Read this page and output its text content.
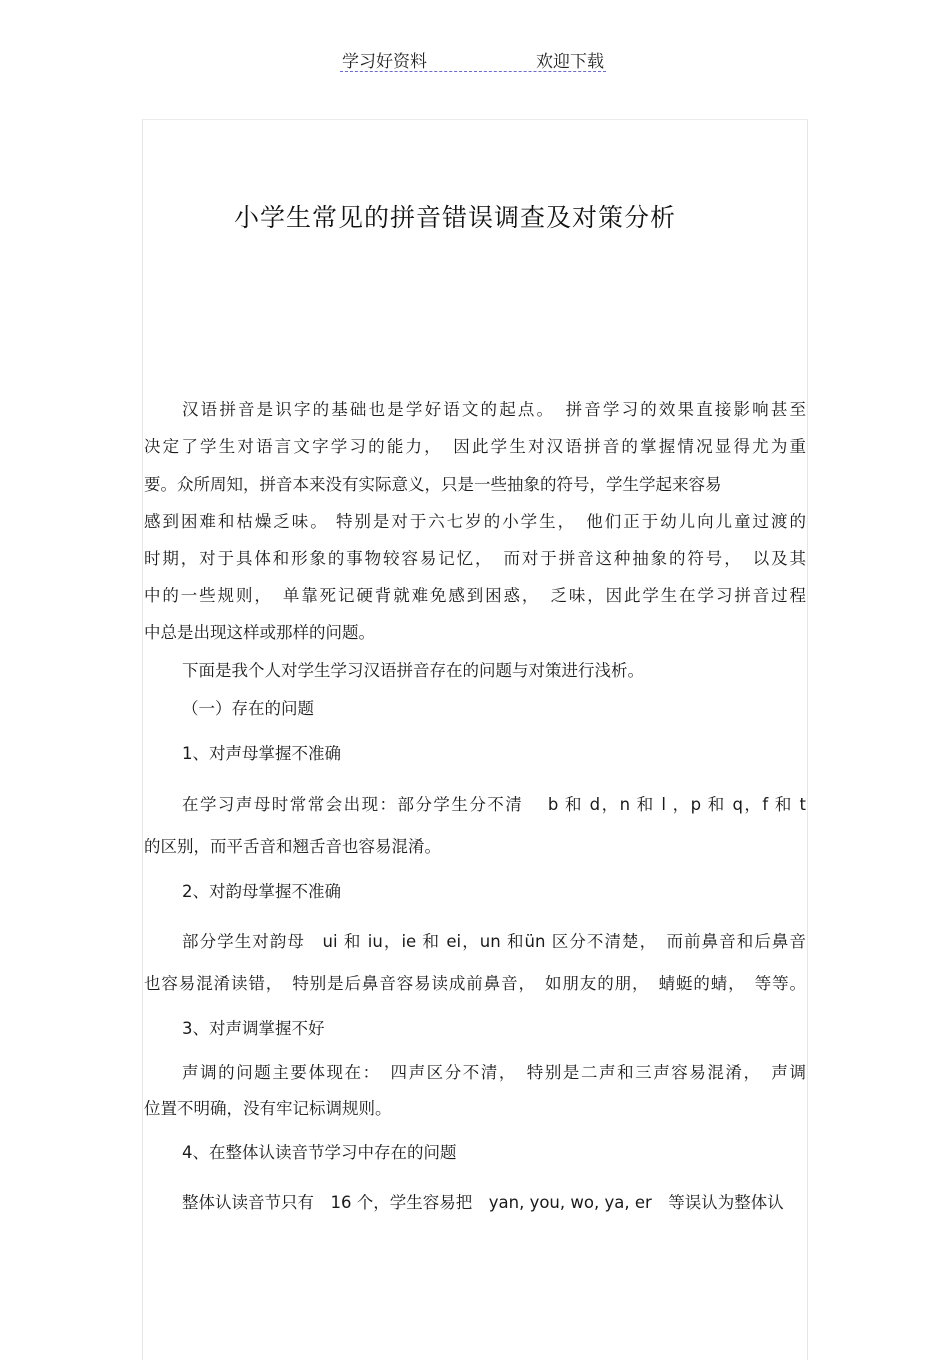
学习好资料	欢迎下载
小学生常见的拼音错误调查及对策分析
汉语拼音是识字的基础也是学好语文的起点。　拼音学习的效果直接影响甚至
决定了学生对语言文字学习的能力，　因此学生对汉语拼音的掌握情况显得尤为重
要。众所周知，拼音本来没有实际意义，只是一些抽象的符号，学生学起来容易
感到困难和枯燥乏味。 特别是对于六七岁的小学生，　他们正于幼儿向儿童过渡的
时期，对于具体和形象的事物较容易记忆，　而对于拼音这种抽象的符号，　以及其
中的一些规则，　单靠死记硬背就难免感到困惑，　乏味，因此学生在学习拼音过程
中总是出现这样或那样的问题。
下面是我个人对学生学习汉语拼音存在的问题与对策进行浅析。
（一）存在的问题
1、对声母掌握不准确
在学习声母时常常会出现：部分学生分不清　 b 和 d，n 和 l ，p 和 q，f 和 t
的区别，而平舌音和翘舌音也容易混淆。
2、对韵母掌握不准确
部分学生对韵母　ui 和 iu，ie 和 ei，un 和ün 区分不清楚，　而前鼻音和后鼻音
也容易混淆读错，　特别是后鼻音容易读成前鼻音，　如朋友的朋，　蜻蜓的蜻，　等等。
3、对声调掌握不好
声调的问题主要体现在：　四声区分不清，　特别是二声和三声容易混淆，　声调
位置不明确，没有牢记标调规则。
4、在整体认读音节学习中存在的问题
整体认读音节只有　16 个，学生容易把　yan, you, wo, ya, er　等误认为整体认
